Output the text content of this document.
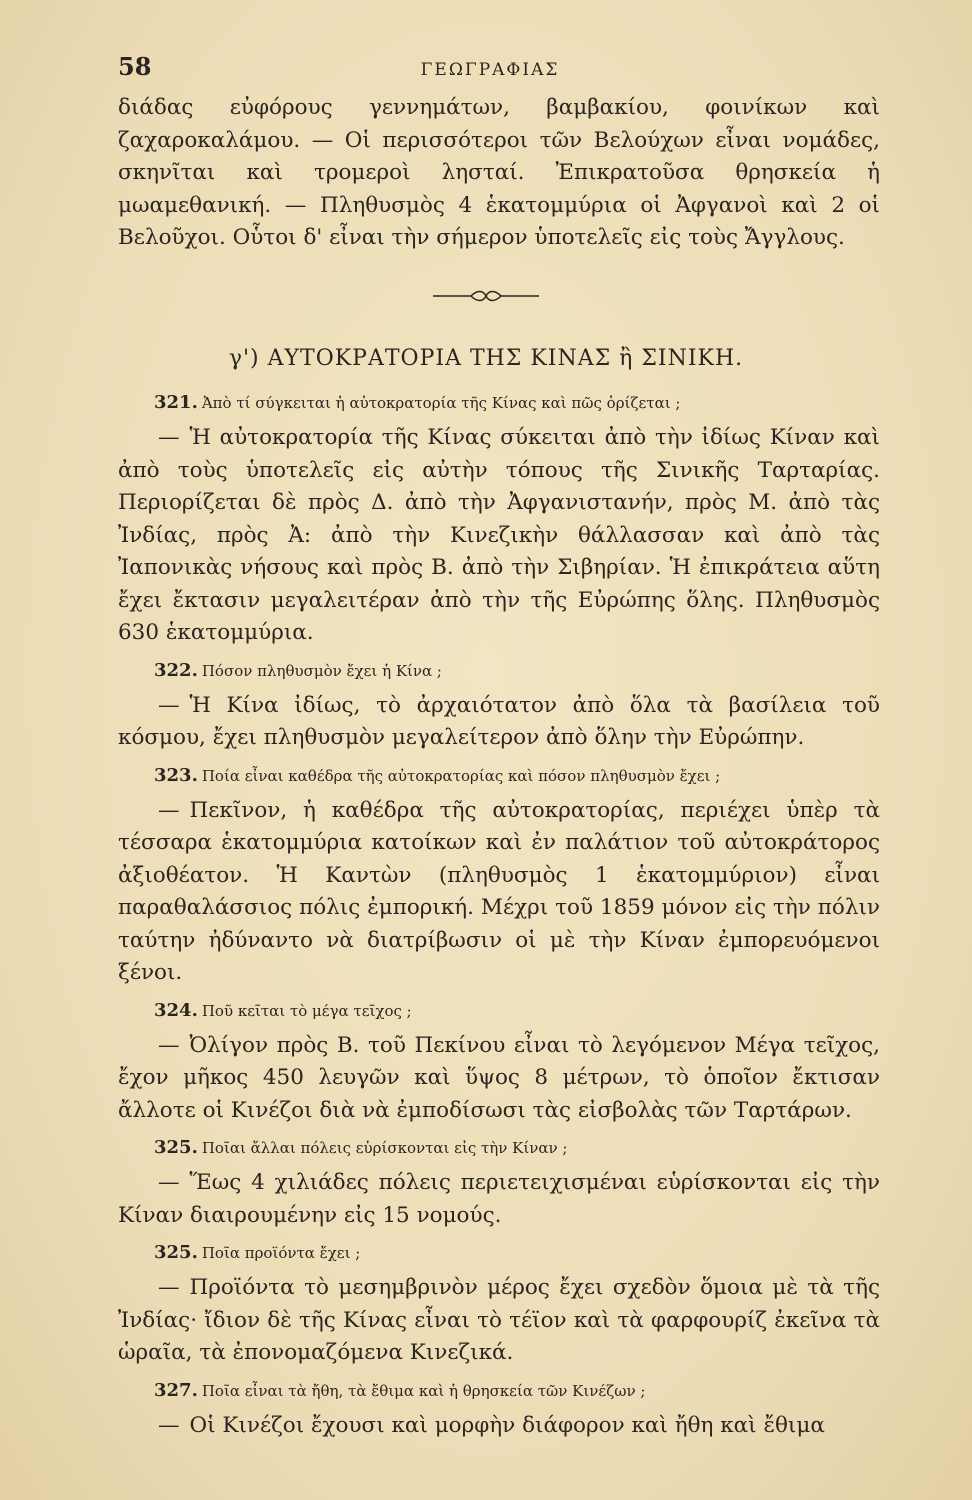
58	ΓΕΩΓΡΑΦΙΑΣ

διάδας εὐφόρους γεννημάτων, βαμβακίου, φοινίκων καὶ ζαχαροκαλάμου. — Οἱ περισσότεροι τῶν Βελούχων εἶναι νομάδες, σκηνῖται καὶ τρομεροὶ λησταί. Ἐπικρατοῦσα θρησκεία ἡ μωαμεθανική. — Πληθυσμὸς 4 ἑκατομμύρια οἱ Ἀφγανοὶ καὶ 2 οἱ Βελοῦχοι. Οὗτοι δ' εἶναι τὴν σήμερον ὑποτελεῖς εἰς τοὺς Ἄγγλους.

γ') ΑΥΤΟΚΡΑΤΟΡΙΑ ΤΗΣ ΚΙΝΑΣ ἢ ΣΙΝΙΚΗ.

321. Ἀπὸ τί σύγκειται ἡ αὐτοκρατορία τῆς Κίνας καὶ πῶς ὁρίζεται ;

— Ἡ αὐτοκρατορία τῆς Κίνας σύκειται ἀπὸ τὴν ἰδίως Κίναν καὶ ἀπὸ τοὺς ὑποτελεῖς εἰς αὐτὴν τόπους τῆς Σινικῆς Ταρταρίας. Περιορίζεται δὲ πρὸς Δ. ἀπὸ τὴν Ἀφγανιστανήν, πρὸς Μ. ἀπὸ τὰς Ἰνδίας, πρὸς Ἀ: ἀπὸ τὴν Κινεζικὴν θάλλασσαν καὶ ἀπὸ τὰς Ἰαπονικὰς νήσους καὶ πρὸς Β. ἀπὸ τὴν Σιβηρίαν. Ἡ ἐπικράτεια αὕτη ἔχει ἔκτασιν μεγαλειτέραν ἀπὸ τὴν τῆς Εὐρώπης ὅλης. Πληθυσμὸς 630 ἑκατομμύρια.

322. Πόσον πληθυσμὸν ἔχει ἡ Κίνα ;

— Ἡ Κίνα ἰδίως, τὸ ἀρχαιότατον ἀπὸ ὅλα τὰ βασίλεια τοῦ κόσμου, ἔχει πληθυσμὸν μεγαλείτερον ἀπὸ ὅλην τὴν Εὐρώπην.

323. Ποία εἶναι καθέδρα τῆς αὐτοκρατορίας καὶ πόσον πληθυσμὸν ἔχει ;

— Πεκῖνον, ἡ καθέδρα τῆς αὐτοκρατορίας, περιέχει ὑπὲρ τὰ τέσσαρα ἑκατομμύρια κατοίκων καὶ ἐν παλάτιον τοῦ αὐτοκράτορος ἀξιοθέατον. Ἡ Καντὼν (πληθυσμὸς 1 ἑκατομμύριον) εἶναι παραθαλάσσιος πόλις ἐμπορική. Μέχρι τοῦ 1859 μόνον εἰς τὴν πόλιν ταύτην ἠδύναντο νὰ διατρίβωσιν οἱ μὲ τὴν Κίναν ἐμπορευόμενοι ξένοι.

324. Ποῦ κεῖται τὸ μέγα τεῖχος ;

— Ὀλίγον πρὸς Β. τοῦ Πεκίνου εἶναι τὸ λεγόμενον Μέγα τεῖχος, ἔχον μῆκος 450 λευγῶν καὶ ὕψος 8 μέτρων, τὸ ὁποῖον ἔκτισαν ἄλλοτε οἱ Κινέζοι διὰ νὰ ἐμποδίσωσι τὰς εἰσβολὰς τῶν Ταρτάρων.

325. Ποῖαι ἄλλαι πόλεις εὑρίσκονται εἰς τὴν Κίναν ;

— Ἕως 4 χιλιάδες πόλεις περιετειχισμέναι εὑρίσκονται εἰς τὴν Κίναν διαιρουμένην εἰς 15 νομούς.

325. Ποῖα προϊόντα ἔχει ;

— Προϊόντα τὸ μεσημβρινὸν μέρος ἔχει σχεδὸν ὅμοια μὲ τὰ τῆς Ἰνδίας· ἴδιον δὲ τῆς Κίνας εἶναι τὸ τέϊον καὶ τὰ φαρφουρίζ ἐκεῖνα τὰ ὡραῖα, τὰ ἐπονομαζόμενα Κινεζικά.

327. Ποῖα εἶναι τὰ ἤθη, τὰ ἔθιμα καὶ ἡ θρησκεία τῶν Κινέζων ;

— Οἱ Κινέζοι ἔχουσι καὶ μορφὴν διάφορον καὶ ἤθη καὶ ἔθιμα
